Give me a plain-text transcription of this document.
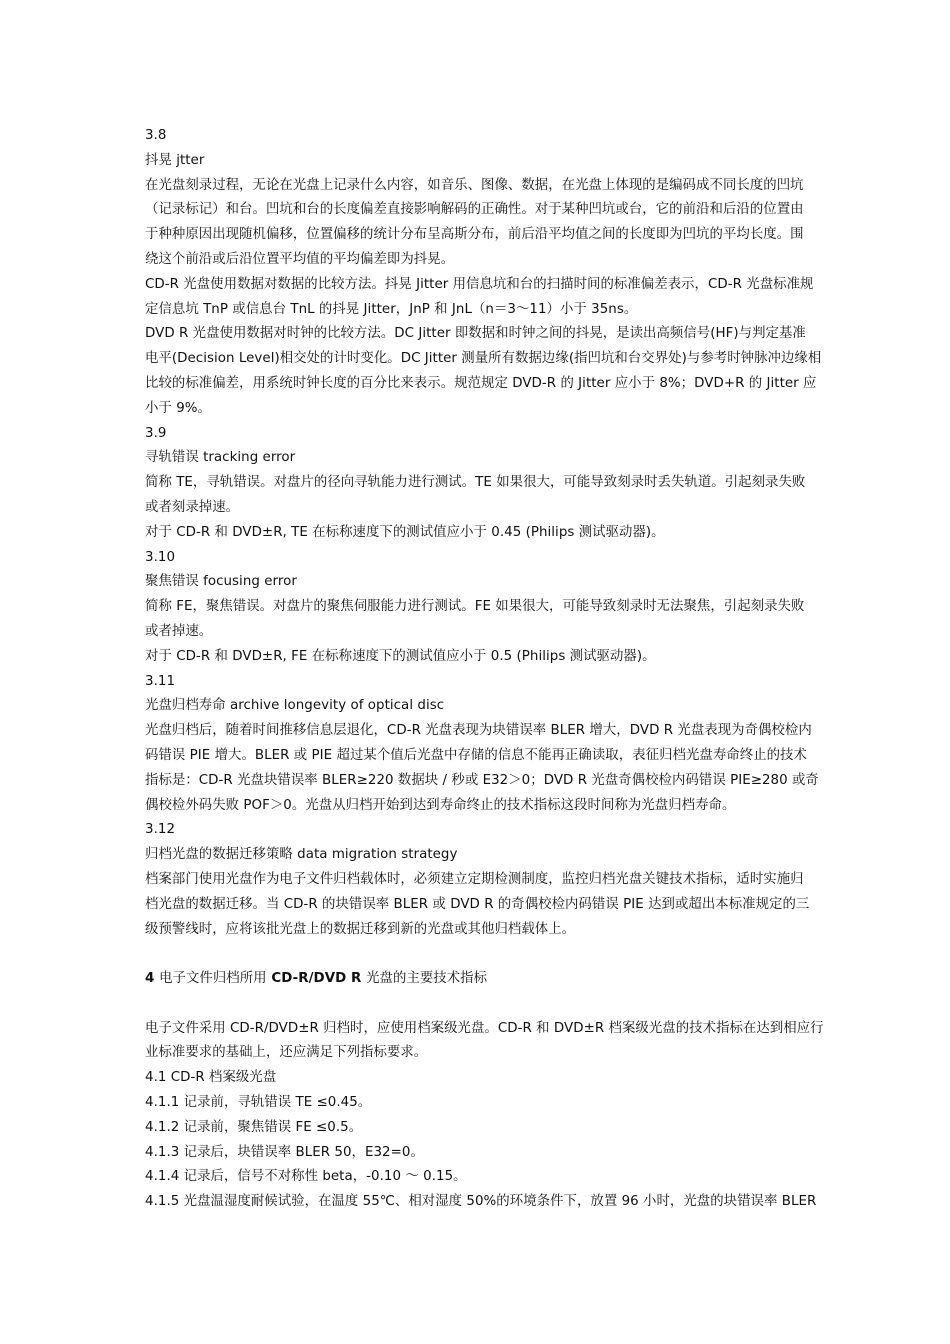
3.8
抖晃 jtter
在光盘刻录过程，无论在光盘上记录什么内容，如音乐、图像、数据，在光盘上体现的是编码成不同长度的凹坑
（记录标记）和台。凹坑和台的长度偏差直接影响解码的正确性。对于某种凹坑或台，它的前沿和后沿的位置由
于种种原因出现随机偏移，位置偏移的统计分布呈高斯分布，前后沿平均值之间的长度即为凹坑的平均长度。围
绕这个前沿或后沿位置平均值的平均偏差即为抖晃。
CD-R 光盘使用数据对数据的比较方法。抖晃 Jitter 用信息坑和台的扫描时间的标准偏差表示，CD-R 光盘标准规
定信息坑 TnP 或信息台 TnL 的抖晃 Jitter，JnP 和 JnL（n＝3～11）小于 35ns。
DVD R 光盘使用数据对时钟的比较方法。DC Jitter 即数据和时钟之间的抖晃，是读出高频信号(HF)与判定基准
电平(Decision Level)相交处的计时变化。DC Jitter 测量所有数据边缘(指凹坑和台交界处)与参考时钟脉冲边缘相
比较的标准偏差，用系统时钟长度的百分比来表示。规范规定 DVD-R 的 Jitter 应小于 8%；DVD+R 的 Jitter 应
小于 9%。
3.9
寻轨错误 tracking error
简称 TE，寻轨错误。对盘片的径向寻轨能力进行测试。TE 如果很大，可能导致刻录时丢失轨道。引起刻录失败
或者刻录掉速。
对于 CD-R 和 DVD±R, TE 在标称速度下的测试值应小于 0.45 (Philips 测试驱动器)。
3.10
聚焦错误 focusing error
简称 FE，聚焦错误。对盘片的聚焦伺服能力进行测试。FE 如果很大，可能导致刻录时无法聚焦，引起刻录失败
或者掉速。
对于 CD-R 和 DVD±R, FE 在标称速度下的测试值应小于 0.5 (Philips 测试驱动器)。
3.11
光盘归档寿命 archive longevity of optical disc
光盘归档后，随着时间推移信息层退化，CD-R 光盘表现为块错误率 BLER 增大，DVD R 光盘表现为奇偶校检内
码错误 PIE 增大。BLER 或 PIE 超过某个值后光盘中存储的信息不能再正确读取，表征归档光盘寿命终止的技术
指标是：CD-R 光盘块错误率 BLER≥220 数据块 / 秒或 E32＞0；DVD R 光盘奇偶校检内码错误 PIE≥280 或奇
偶校检外码失败 POF＞0。光盘从归档开始到达到寿命终止的技术指标这段时间称为光盘归档寿命。
3.12
归档光盘的数据迁移策略 data migration strategy
档案部门使用光盘作为电子文件归档载体时，必须建立定期检测制度，监控归档光盘关键技术指标，适时实施归
档光盘的数据迁移。当 CD-R 的块错误率 BLER 或 DVD R 的奇偶校检内码错误 PIE 达到或超出本标准规定的三
级预警线时，应将该批光盘上的数据迁移到新的光盘或其他归档载体上。
4 电子文件归档所用 CD-R/DVD R 光盘的主要技术指标
电子文件采用 CD-R/DVD±R 归档时，应使用档案级光盘。CD-R 和 DVD±R 档案级光盘的技术指标在达到相应行
业标准要求的基础上，还应满足下列指标要求。
4.1 CD-R 档案级光盘
4.1.1 记录前，寻轨错误 TE ≤0.45。
4.1.2 记录前，聚焦错误 FE ≤0.5。
4.1.3 记录后，块错误率 BLER 50，E32=0。
4.1.4 记录后，信号不对称性 beta，-0.10 ～ 0.15。
4.1.5 光盘温湿度耐候试验，在温度 55℃、相对湿度 50%的环境条件下，放置 96 小时，光盘的块错误率 BLER
